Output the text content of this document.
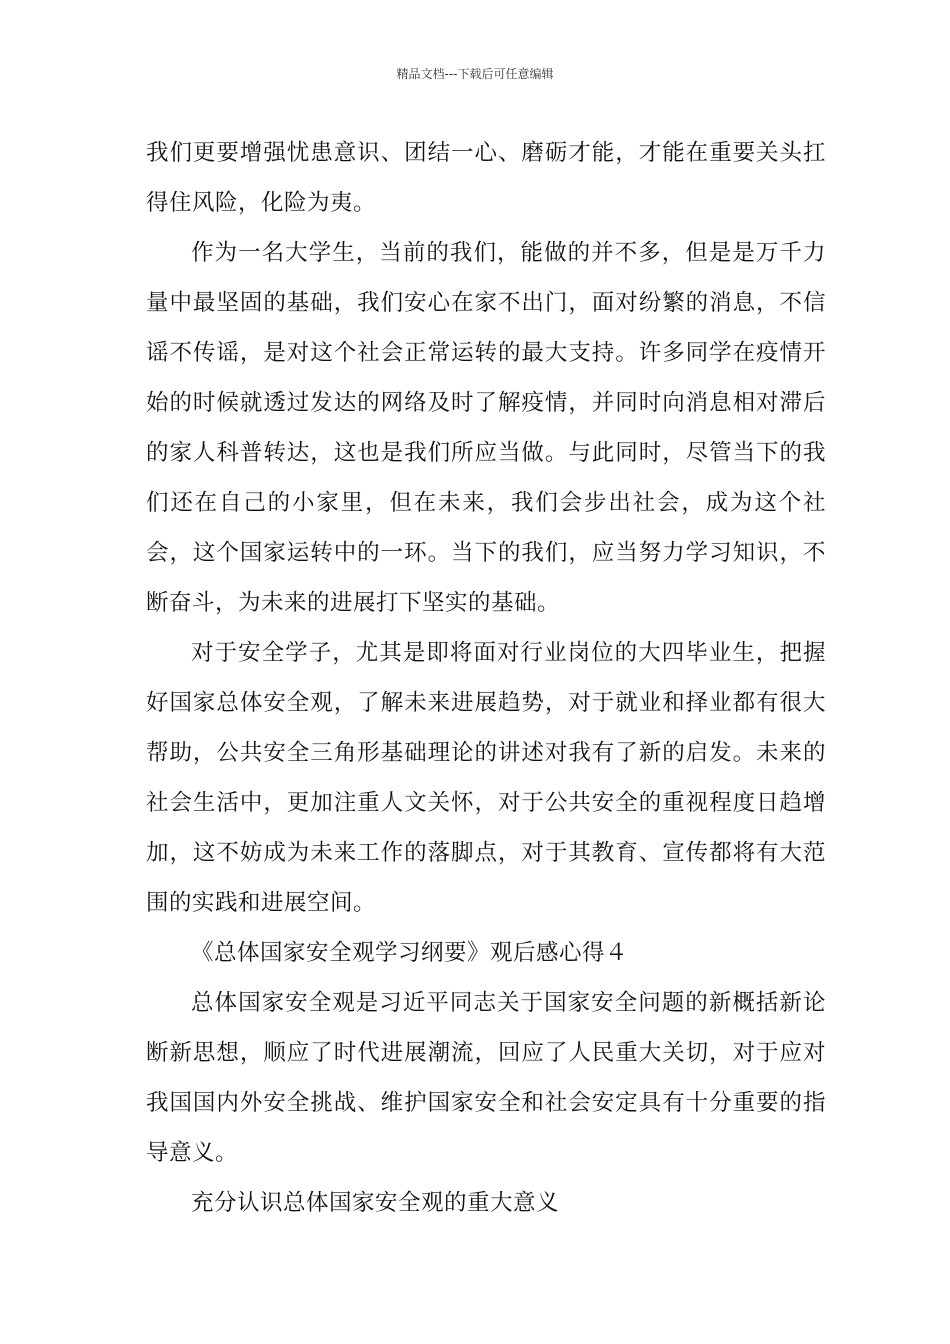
精品文档---下载后可任意编辑

我们更要增强忧患意识、团结一心、磨砺才能，才能在重要关头扛得住风险，化险为夷。

作为一名大学生，当前的我们，能做的并不多，但是是万千力量中最坚固的基础，我们安心在家不出门，面对纷繁的消息，不信谣不传谣，是对这个社会正常运转的最大支持。许多同学在疫情开始的时候就透过发达的网络及时了解疫情，并同时向消息相对滞后的家人科普转达，这也是我们所应当做。与此同时，尽管当下的我们还在自己的小家里，但在未来，我们会步出社会，成为这个社会，这个国家运转中的一环。当下的我们，应当努力学习知识，不断奋斗，为未来的进展打下坚实的基础。

对于安全学子，尤其是即将面对行业岗位的大四毕业生，把握好国家总体安全观，了解未来进展趋势，对于就业和择业都有很大帮助，公共安全三角形基础理论的讲述对我有了新的启发。未来的社会生活中，更加注重人文关怀，对于公共安全的重视程度日趋增加，这不妨成为未来工作的落脚点，对于其教育、宣传都将有大范围的实践和进展空间。

《总体国家安全观学习纲要》观后感心得４

总体国家安全观是习近平同志关于国家安全问题的新概括新论断新思想，顺应了时代进展潮流，回应了人民重大关切，对于应对我国国内外安全挑战、维护国家安全和社会安定具有十分重要的指导意义。

充分认识总体国家安全观的重大意义
